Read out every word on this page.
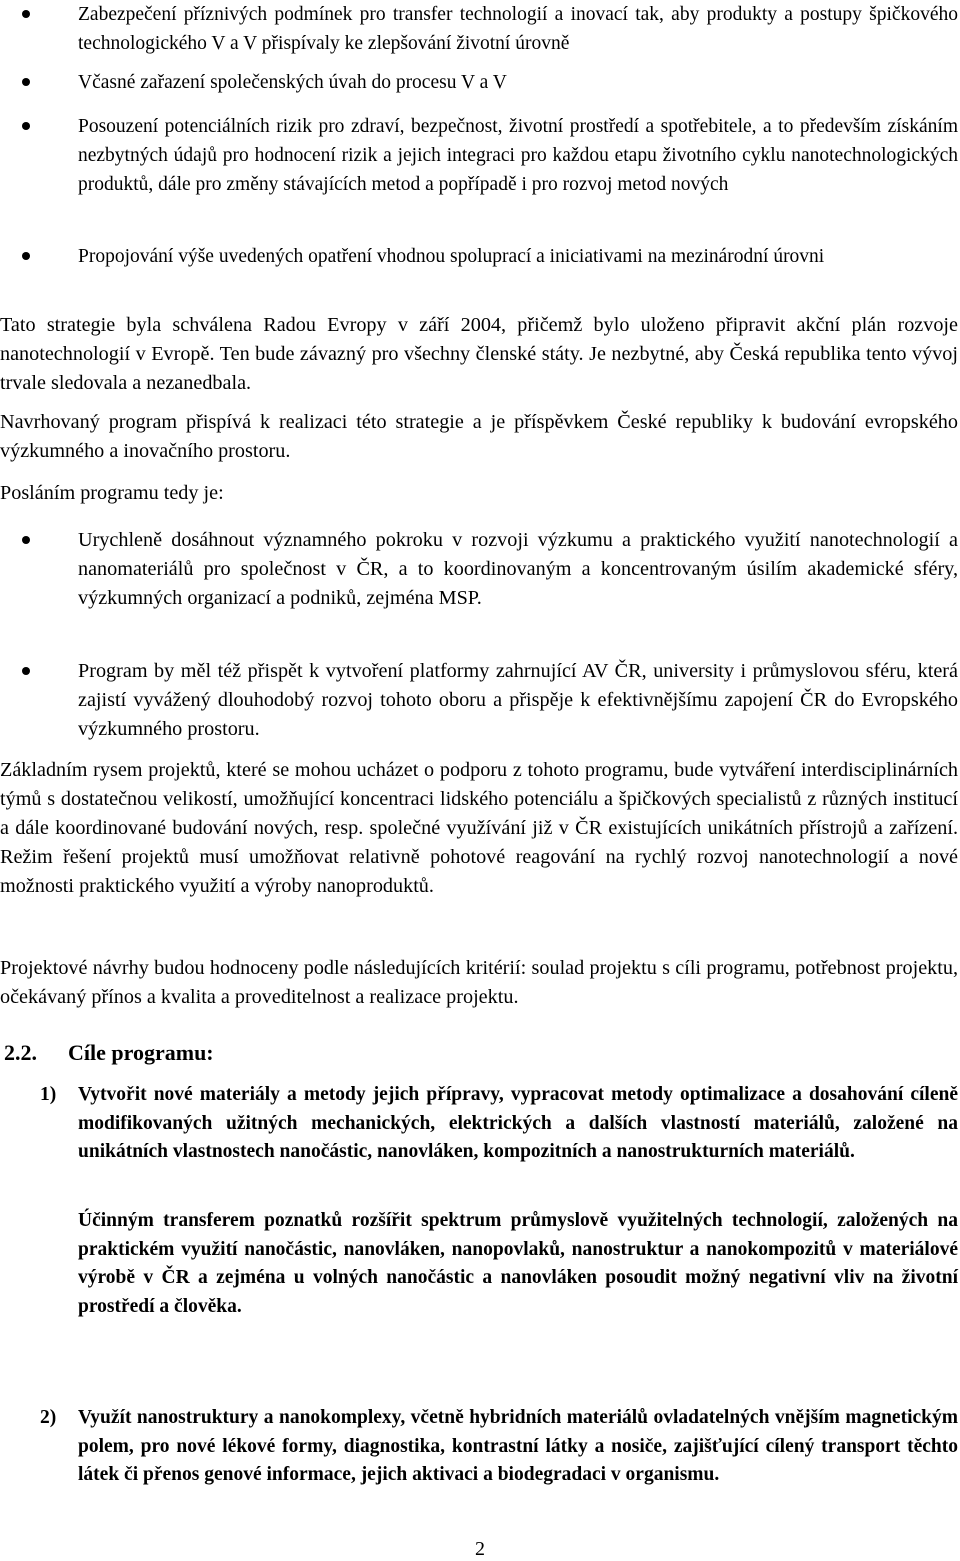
Zabezpečení příznivých podmínek pro transfer technologií a inovací tak, aby produkty a postupy špičkového technologického V a V přispívaly ke zlepšování životní úrovně
Včasné zařazení společenských úvah do procesu V a V
Posouzení potenciálních rizik pro zdraví, bezpečnost, životní prostředí a spotřebitele, a to především získáním nezbytných údajů pro hodnocení rizik a jejich integraci pro každou etapu životního cyklu nanotechnologických produktů, dále pro změny stávajících metod a popřípadě i pro rozvoj metod nových
Propojování výše uvedených opatření vhodnou spoluprací a iniciativami na mezinárodní úrovni

Tato strategie byla schválena Radou Evropy v září 2004, přičemž bylo uloženo připravit akční plán rozvoje nanotechnologií v Evropě. Ten bude závazný pro všechny členské státy. Je nezbytné, aby Česká republika tento vývoj trvale sledovala a nezanedbala.

Navrhovaný program přispívá k realizaci této strategie a je příspěvkem České republiky k budování evropského výzkumného a inovačního prostoru.

Posláním programu tedy je:

Urychleně dosáhnout významného pokroku v rozvoji výzkumu a praktického využití nanotechnologií a nanomateriálů pro společnost v ČR, a to koordinovaným a koncentrovaným úsilím akademické sféry, výzkumných organizací a podniků, zejména MSP.
Program by měl též přispět k vytvoření platformy zahrnující AV ČR, university i průmyslovou sféru, která zajistí vyvážený dlouhodobý rozvoj tohoto oboru a přispěje k efektivnějšímu zapojení ČR do Evropského výzkumného prostoru.

Základním rysem projektů, které se mohou ucházet o podporu z tohoto programu, bude vytváření interdisciplinárních týmů s dostatečnou velikostí, umožňující koncentraci lidského potenciálu a špičkových specialistů z různých institucí a dále koordinované budování nových, resp. společné využívání již v ČR existujících unikátních přístrojů a zařízení. Režim řešení projektů musí umožňovat relativně pohotové reagování na rychlý rozvoj nanotechnologií a nové možnosti praktického využití a výroby nanoproduktů.

Projektové návrhy budou hodnoceny podle následujících kritérií: soulad projektu s cíli programu, potřebnost projektu, očekávaný přínos a kvalita a proveditelnost a realizace projektu.

2.2. Cíle programu:
1) Vytvořit nové materiály a metody jejich přípravy, vypracovat metody optimalizace a dosahování cíleně modifikovaných užitných mechanických, elektrických a dalších vlastností materiálů, založené na unikátních vlastnostech nanočástic, nanovláken, kompozitních a nanostrukturních materiálů.
Účinným transferem poznatků rozšířit spektrum průmyslově využitelných technologií, založených na praktickém využití nanočástic, nanovláken, nanopovlaků, nanostruktur a nanokompozitů v materiálové výrobě v ČR a zejména u volných nanočástic a nanovláken posoudit možný negativní vliv na životní prostředí a člověka.
2) Využít nanostruktury a nanokomplexy, včetně hybridních materiálů ovladatelných vnějším magnetickým polem, pro nové lékové formy, diagnostika, kontrastní látky a nosiče, zajišťující cílený transport těchto látek či přenos genové informace, jejich aktivaci a biodegradaci v organismu.
2
